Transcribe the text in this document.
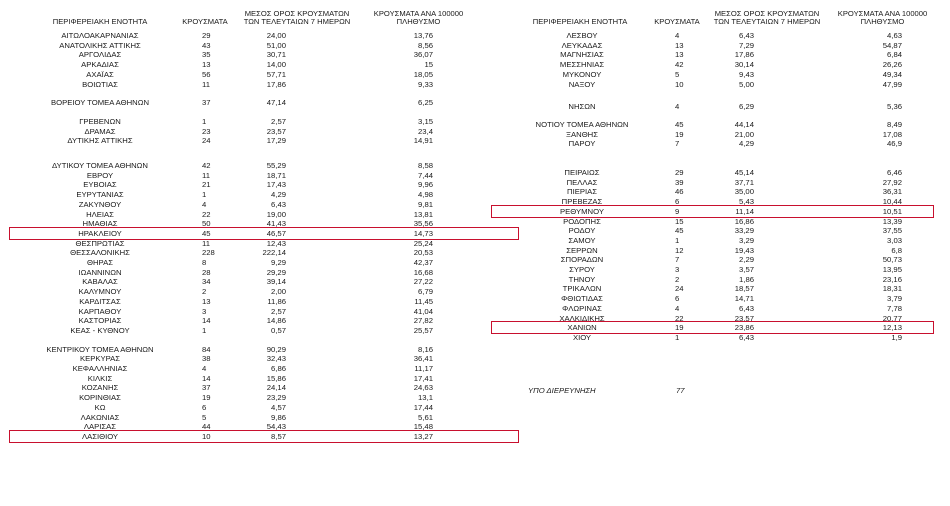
ΠΕΡΙΦΕΡΕΙΑΚΗ ΕΝΟΤΗΤΑ	ΚΡΟΥΣΜΑΤΑ
ΜΕΣΟΣ ΟΡΟΣ ΚΡΟΥΣΜΑΤΩΝ
ΤΩΝ ΤΕΛΕΥΤΑΙΩΝ 7 ΗΜΕΡΩΝ
ΚΡΟΥΣΜΑΤΑ ΑΝΑ 100000
ΠΛΗΘΥΣΜΟ	ΠΕΡΙΦΕΡΕΙΑΚΗ ΕΝΟΤΗΤΑ	ΚΡΟΥΣΜΑΤΑ
ΜΕΣΟΣ ΟΡΟΣ ΚΡΟΥΣΜΑΤΩΝ
ΤΩΝ ΤΕΛΕΥΤΑΙΩΝ 7 ΗΜΕΡΩΝ
ΚΡΟΥΣΜΑΤΑ ΑΝΑ 100000
ΠΛΗΘΥΣΜΟ
ΑΙΤΩΛΟΑΚΑΡΝΑΝΙΑΣ	29	24,00	13,76
ΑΝΑΤΟΛΙΚΗΣ ΑΤΤΙΚΗΣ	43	51,00	8,56
ΑΡΓΟΛΙΔΑΣ	35	30,71	36,07
ΑΡΚΑΔΙΑΣ	13	14,00	15
ΑΧΑΪΑΣ	56	57,71	18,05
ΒΟΙΩΤΙΑΣ	11	17,86	9,33
ΒΟΡΕΙΟΥ ΤΟΜΕΑ ΑΘΗΝΩΝ	37	47,14	6,25
ΓΡΕΒΕΝΩΝ	1	2,57	3,15
ΔΡΑΜΑΣ	23	23,57	23,4
ΔΥΤΙΚΗΣ ΑΤΤΙΚΗΣ	24	17,29	14,91
ΔΥΤΙΚΟΥ ΤΟΜΕΑ ΑΘΗΝΩΝ	42	55,29	8,58
ΕΒΡΟΥ	11	18,71	7,44
ΕΥΒΟΙΑΣ	21	17,43	9,96
ΕΥΡΥΤΑΝΙΑΣ	1	4,29	4,98
ΖΑΚΥΝΘΟΥ	4	6,43	9,81
ΗΛΕΙΑΣ	22	19,00	13,81
ΗΜΑΘΙΑΣ	50	41,43	35,56
ΗΡΑΚΛΕΙΟΥ	45	46,57	14,73
ΘΕΣΠΡΩΤΙΑΣ	11	12,43	25,24
ΘΕΣΣΑΛΟΝΙΚΗΣ	228	222,14	20,53
ΘΗΡΑΣ	8	9,29	42,37
ΙΩΑΝΝΙΝΩΝ	28	29,29	16,68
ΚΑΒΑΛΑΣ	34	39,14	27,22
ΚΑΛΥΜΝΟΥ	2	2,00	6,79
ΚΑΡΔΙΤΣΑΣ	13	11,86	11,45
ΚΑΡΠΑΘΟΥ	3	2,57	41,04
ΚΑΣΤΟΡΙΑΣ	14	14,86	27,82
ΚΕΑΣ - ΚΥΘΝΟΥ	1	0,57	25,57
ΚΕΝΤΡΙΚΟΥ ΤΟΜΕΑ ΑΘΗΝΩΝ	84	90,29	8,16
ΚΕΡΚΥΡΑΣ	38	32,43	36,41
ΚΕΦΑΛΛΗΝΙΑΣ	4	6,86	11,17
ΚΙΛΚΙΣ	14	15,86	17,41
ΚΟΖΑΝΗΣ	37	24,14	24,63
ΚΟΡΙΝΘΙΑΣ	19	23,29	13,1
ΚΩ	6	4,57	17,44
ΛΑΚΩΝΙΑΣ	5	9,86	5,61
ΛΑΡΙΣΑΣ	44	54,43	15,48
ΛΑΣΙΘΙΟΥ	10	8,57	13,27
ΛΕΣΒΟΥ	4	6,43	4,63
ΛΕΥΚΑΔΑΣ	13	7,29	54,87
ΜΑΓΝΗΣΙΑΣ	13	17,86	6,84
ΜΕΣΣΗΝΙΑΣ	42	30,14	26,26
ΜΥΚΟΝΟΥ	5	9,43	49,34
ΝΑΞΟΥ	10	5,00	47,99
ΝΗΣΩΝ	4	6,29	5,36
ΝΟΤΙΟΥ ΤΟΜΕΑ ΑΘΗΝΩΝ	45	44,14	8,49
ΞΑΝΘΗΣ	19	21,00	17,08
ΠΑΡΟΥ	7	4,29	46,9
ΠΕΙΡΑΙΩΣ	29	45,14	6,46
ΠΕΛΛΑΣ	39	37,71	27,92
ΠΙΕΡΙΑΣ	46	35,00	36,31
ΠΡΕΒΕΖΑΣ	6	5,43	10,44
ΡΕΘΥΜΝΟΥ	9	11,14	10,51
ΡΟΔΟΠΗΣ	15	16,86	13,39
ΡΟΔΟΥ	45	33,29	37,55
ΣΑΜΟΥ	1	3,29	3,03
ΣΕΡΡΩΝ	12	19,43	6,8
ΣΠΟΡΑΔΩΝ	7	2,29	50,73
ΣΥΡΟΥ	3	3,57	13,95
ΤΗΝΟΥ	2	1,86	23,16
ΤΡΙΚΑΛΩΝ	24	18,57	18,31
ΦΘΙΩΤΙΔΑΣ	6	14,71	3,79
ΦΛΩΡΙΝΑΣ	4	6,43	7,78
ΧΑΛΚΙΔΙΚΗΣ	22	23,57	20,77
ΧΑΝΙΩΝ	19	23,86	12,13
ΧΙΟΥ	1	6,43	1,9
ΥΠΟ ΔΙΕΡΕΥΝΗΣΗ	77
